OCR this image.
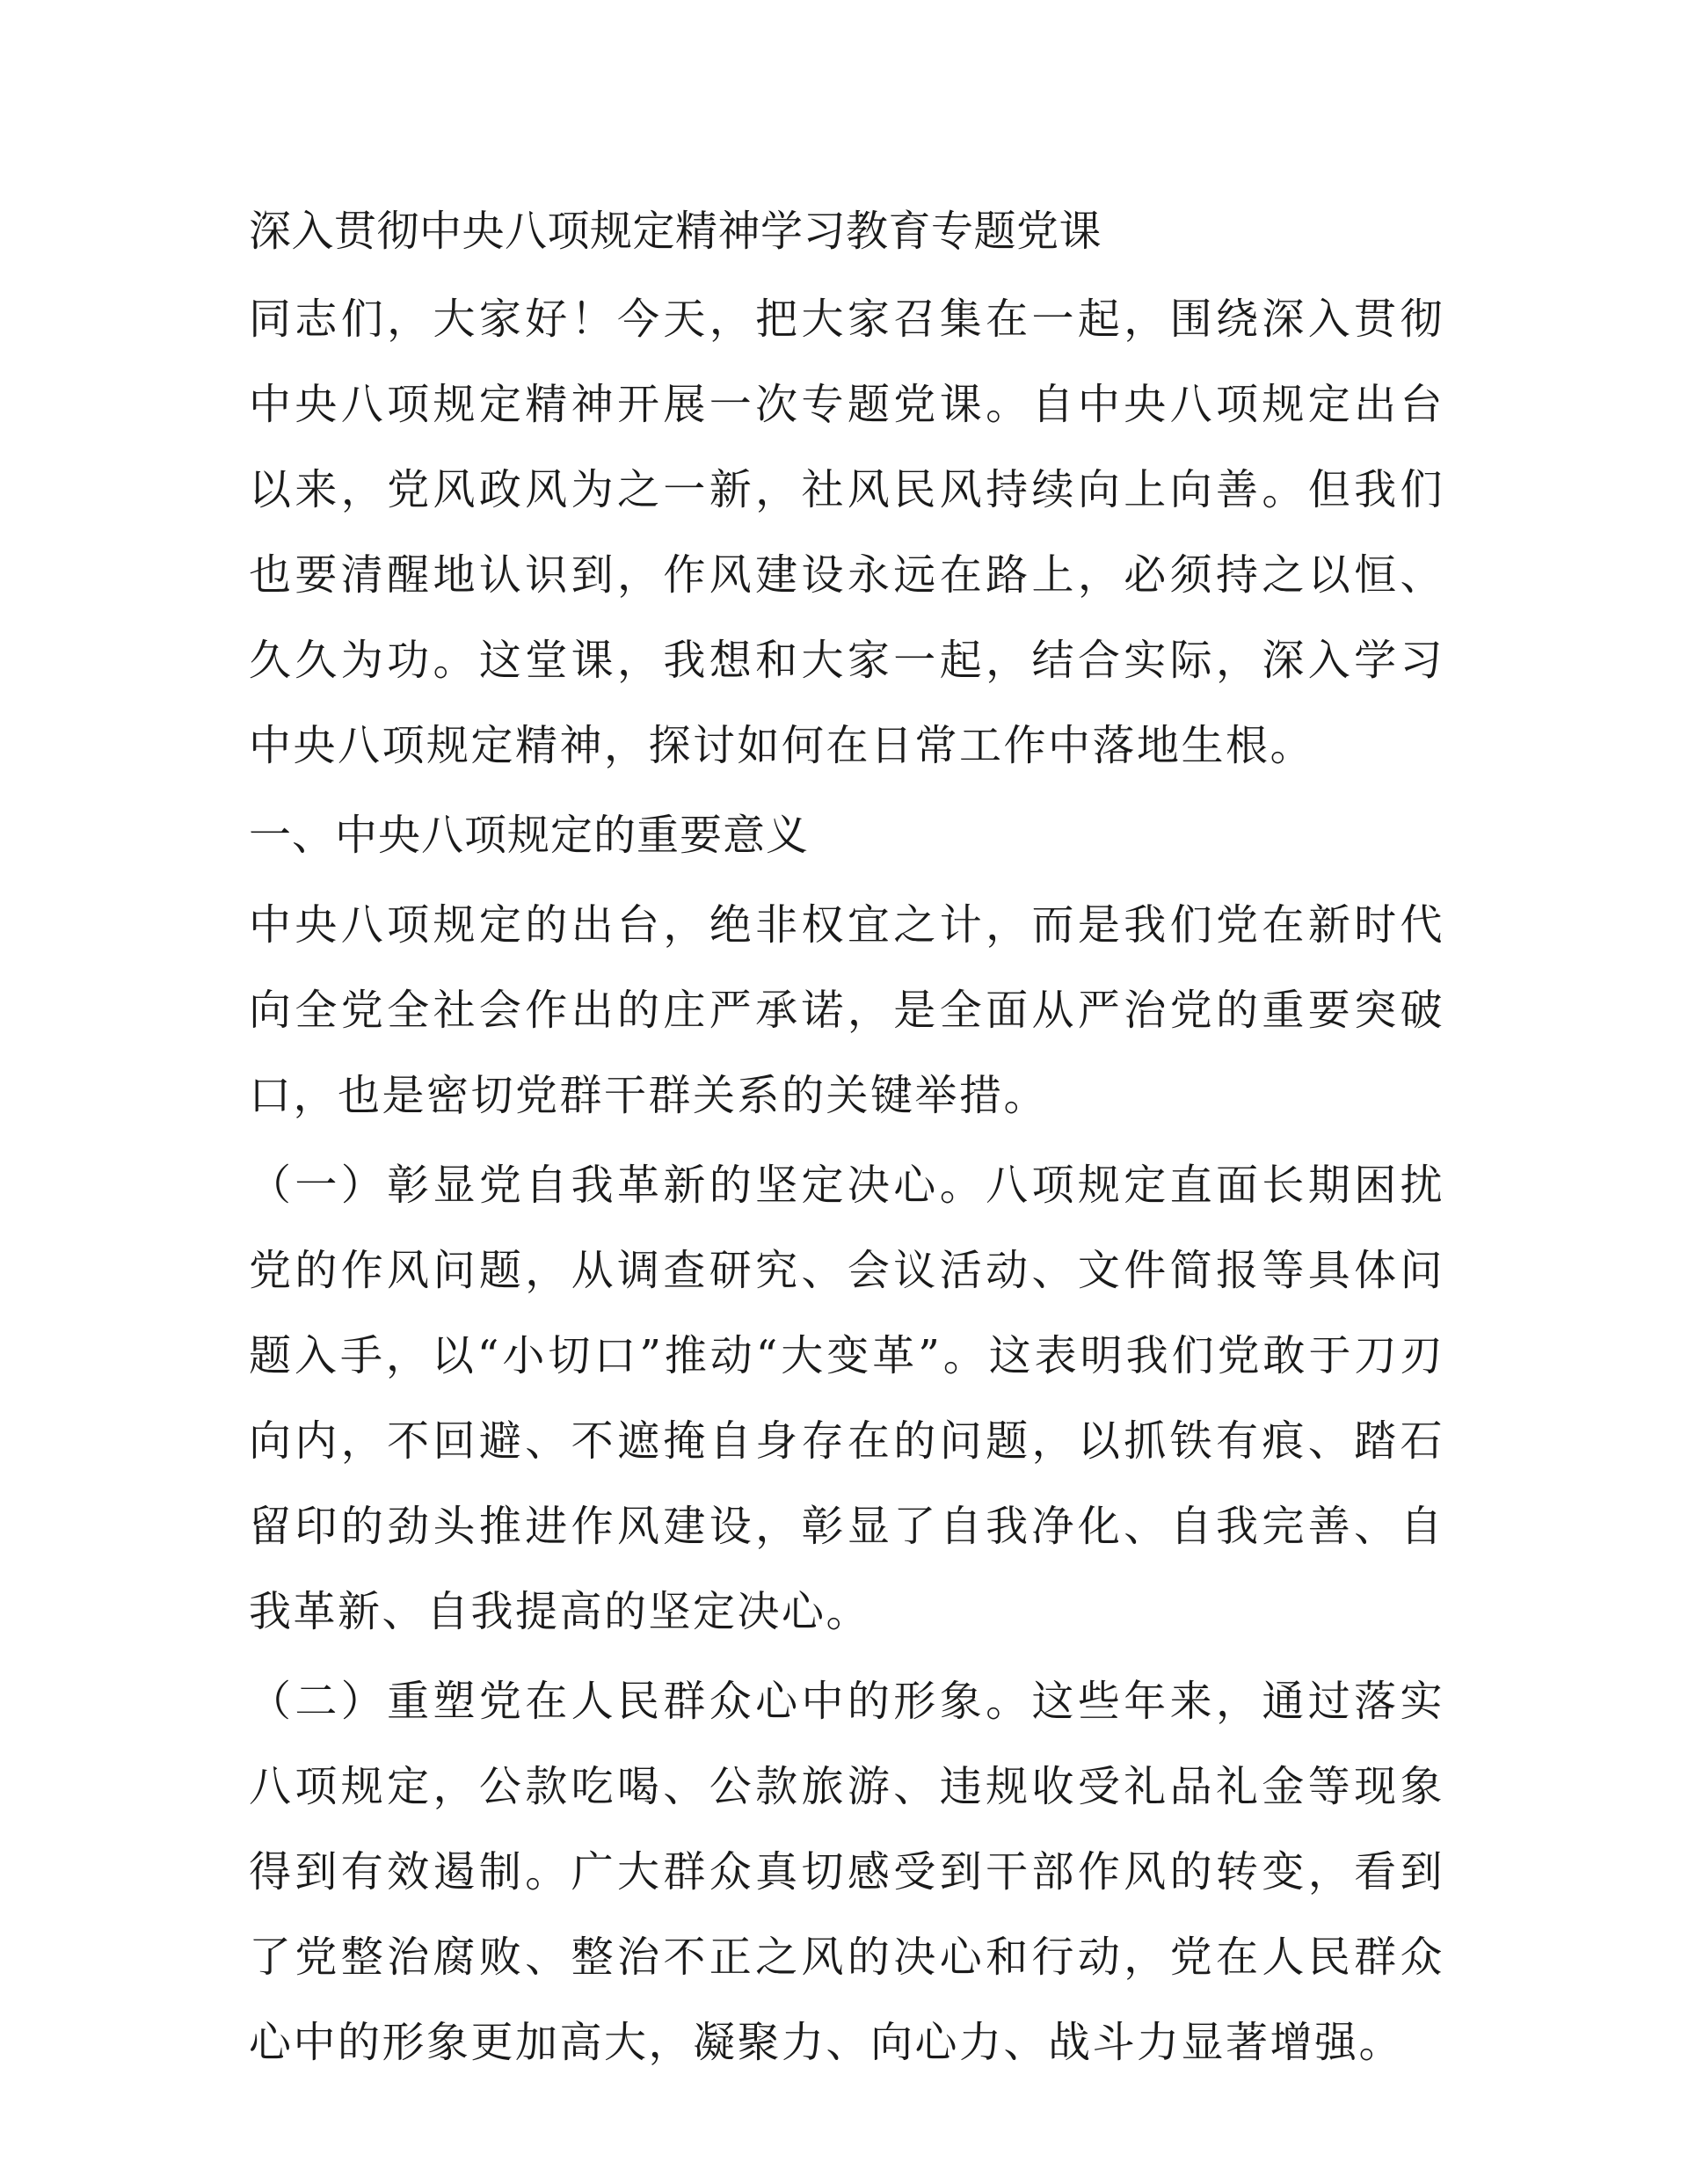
深入贯彻中央八项规定精神学习教育专题党课

同志们，大家好！今天，把大家召集在一起，围绕深入贯彻中央八项规定精神开展一次专题党课。自中央八项规定出台以来，党风政风为之一新，社风民风持续向上向善。但我们也要清醒地认识到，作风建设永远在路上，必须持之以恒、久久为功。这堂课，我想和大家一起，结合实际，深入学习中央八项规定精神，探讨如何在日常工作中落地生根。

一、中央八项规定的重要意义

中央八项规定的出台，绝非权宜之计，而是我们党在新时代向全党全社会作出的庄严承诺，是全面从严治党的重要突破口，也是密切党群干群关系的关键举措。

（一）彰显党自我革新的坚定决心。八项规定直面长期困扰党的作风问题，从调查研究、会议活动、文件简报等具体问题入手，以“小切口”推动“大变革”。这表明我们党敢于刀刃向内，不回避、不遮掩自身存在的问题，以抓铁有痕、踏石留印的劲头推进作风建设，彰显了自我净化、自我完善、自我革新、自我提高的坚定决心。

（二）重塑党在人民群众心中的形象。这些年来，通过落实八项规定，公款吃喝、公款旅游、违规收受礼品礼金等现象得到有效遏制。广大群众真切感受到干部作风的转变，看到了党整治腐败、整治不正之风的决心和行动，党在人民群众心中的形象更加高大，凝聚力、向心力、战斗力显著增强。
